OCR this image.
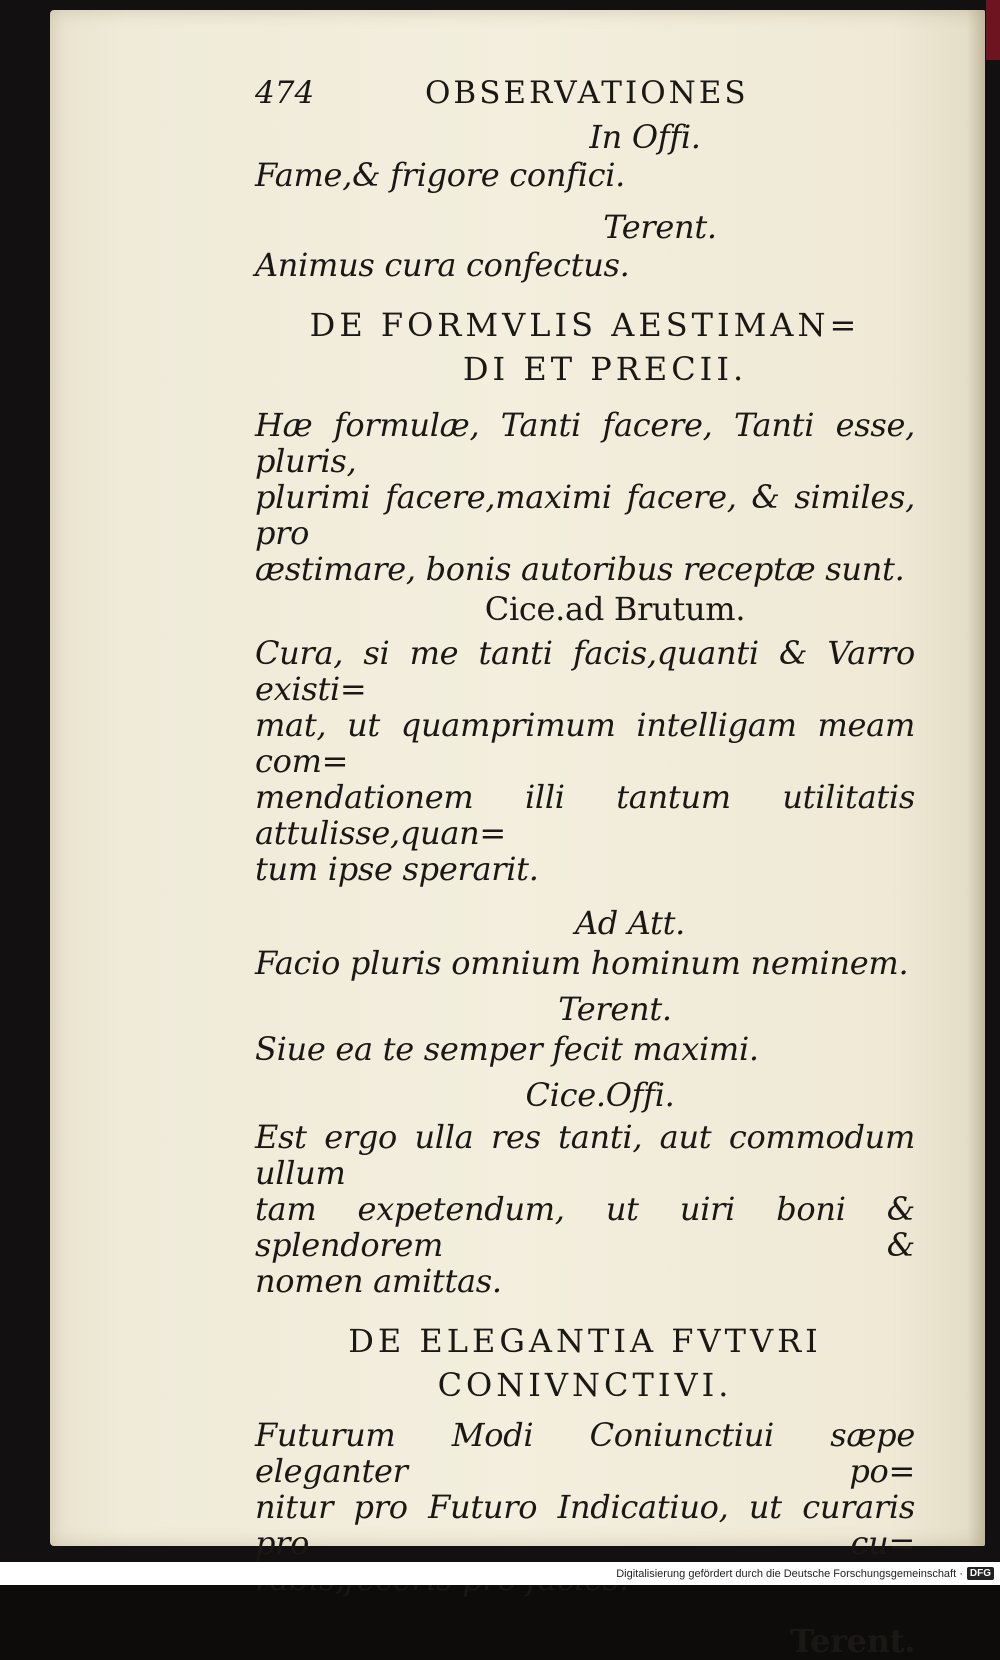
474	OBSERVATIONES
In Offi.
Fame,& frigore confici.
Terent.
Animus cura confectus.
DE FORMVLIS AESTIMAN=
DI ET PRECII.
Hæ formulæ, Tanti facere, Tanti esse, pluris,
plurimi facere,maximi facere, & similes, pro
æstimare, bonis autoribus receptæ sunt.
Cice.ad Brutum.
Cura, si me tanti facis,quanti & Varro existi=
mat, ut quamprimum intelligam meam com=
mendationem illi tantum utilitatis attulisse,quan=
tum ipse sperarit.
Ad Att.
Facio pluris omnium hominum neminem.
Terent.
Siue ea te semper fecit maximi.
Cice.Offi.
Est ergo ulla res tanti, aut commodum ullum
tam expetendum, ut uiri boni & splendorem &
nomen amittas.
DE ELEGANTIA FVTVRI
CONIVNCTIVI.
Futurum Modi Coniunctiui sæpe eleganter po=
nitur pro Futuro Indicatiuo, ut curaris pro cu=
Terent.
Digitalisierung gefördert durch die Deutsche Forschungsgemeinschaft · DFG
